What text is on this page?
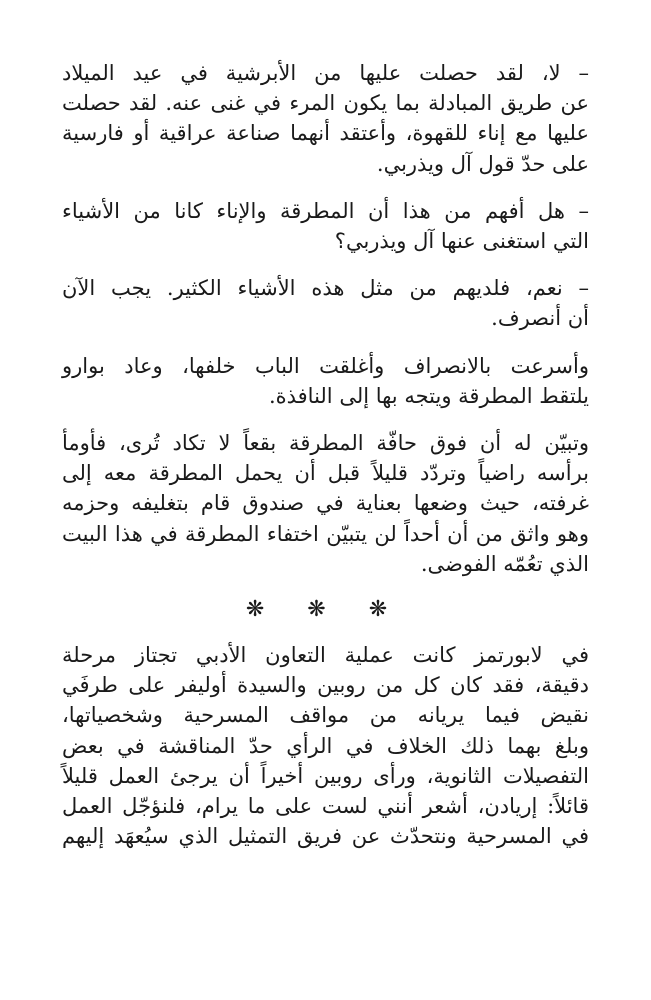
– لا، لقد حصلت عليها من الأبرشية في عيد الميلاد
عن طريق المبادلة بما يكون المرء في غنى عنه. لقد حصلت
عليها مع إناء للقهوة، وأعتقد أنهما صناعة عراقية أو فارسية
على حدّ قول آل ويذربي.

– هل أفهم من هذا أن المطرقة والإناء كانا من الأشياء
التي استغنى عنها آل ويذربي؟

– نعم، فلديهم من مثل هذه الأشياء الكثير. يجب الآن
أن أنصرف.

وأسرعت بالانصراف وأغلقت الباب خلفها، وعاد بوارو
يلتقط المطرقة ويتجه بها إلى النافذة.

وتبيّن له أن فوق حافّة المطرقة بقعاً لا تكاد تُرى، فأومأ
برأسه راضياً وتردّد قليلاً قبل أن يحمل المطرقة معه إلى
غرفته، حيث وضعها بعناية في صندوق قام بتغليفه وحزمه
وهو واثق من أن أحداً لن يتبيّن اختفاء المطرقة في هذا البيت
الذي تعُمّه الفوضى.

❋ ❋ ❋

في لابورتمز كانت عملية التعاون الأدبي تجتاز مرحلة
دقيقة، فقد كان كل من روبين والسيدة أوليفر على طرفَي
نقيض فيما يريانه من مواقف المسرحية وشخصياتها،
وبلغ بهما ذلك الخلاف في الرأي حدّ المناقشة في بعض
التفصيلات الثانوية، ورأى روبين أخيراً أن يرجئ العمل قليلاً
قائلاً: إريادن، أشعر أنني لست على ما يرام، فلنؤجّل العمل
في المسرحية ونتحدّث عن فريق التمثيل الذي سيُعهَد إليهم
